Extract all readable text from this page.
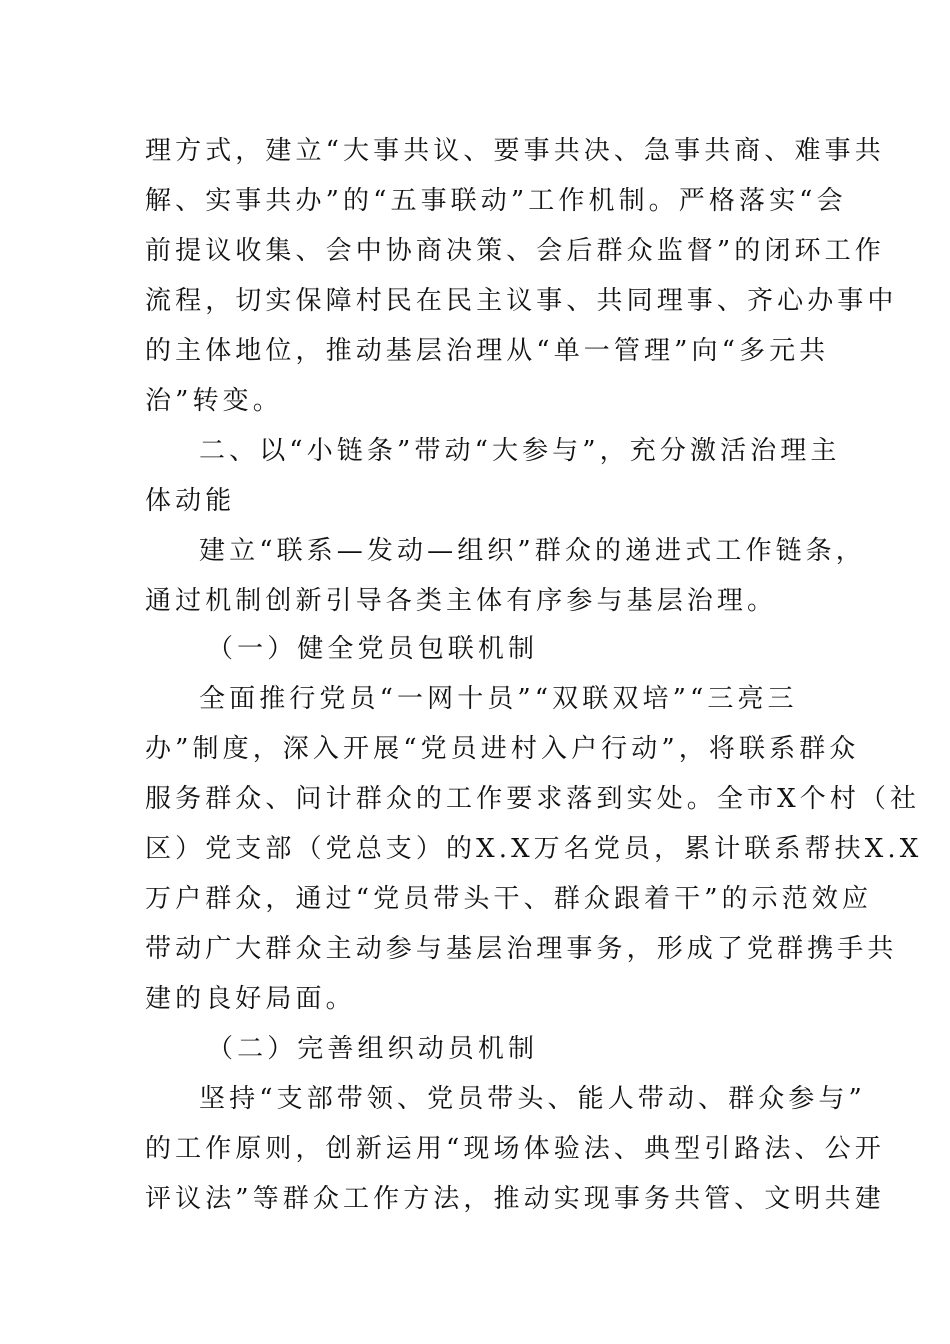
理方式，建立“大事共议、要事共决、急事共商、难事共
解、实事共办”的“五事联动”工作机制。严格落实“会
前提议收集、会中协商决策、会后群众监督”的闭环工作
流程，切实保障村民在民主议事、共同理事、齐心办事中
的主体地位，推动基层治理从“单一管理”向“多元共
治”转变。
二、以“小链条”带动“大参与”，充分激活治理主
体动能
建立“联系—发动—组织”群众的递进式工作链条，
通过机制创新引导各类主体有序参与基层治理。
（一）健全党员包联机制
全面推行党员“一网十员”“双联双培”“三亮三
办”制度，深入开展“党员进村入户行动”，将联系群众
服务群众、问计群众的工作要求落到实处。全市X个村（社
区）党支部（党总支）的X.X万名党员，累计联系帮扶X.X
万户群众，通过“党员带头干、群众跟着干”的示范效应
带动广大群众主动参与基层治理事务，形成了党群携手共
建的良好局面。
（二）完善组织动员机制
坚持“支部带领、党员带头、能人带动、群众参与”
的工作原则，创新运用“现场体验法、典型引路法、公开
评议法”等群众工作方法，推动实现事务共管、文明共建
